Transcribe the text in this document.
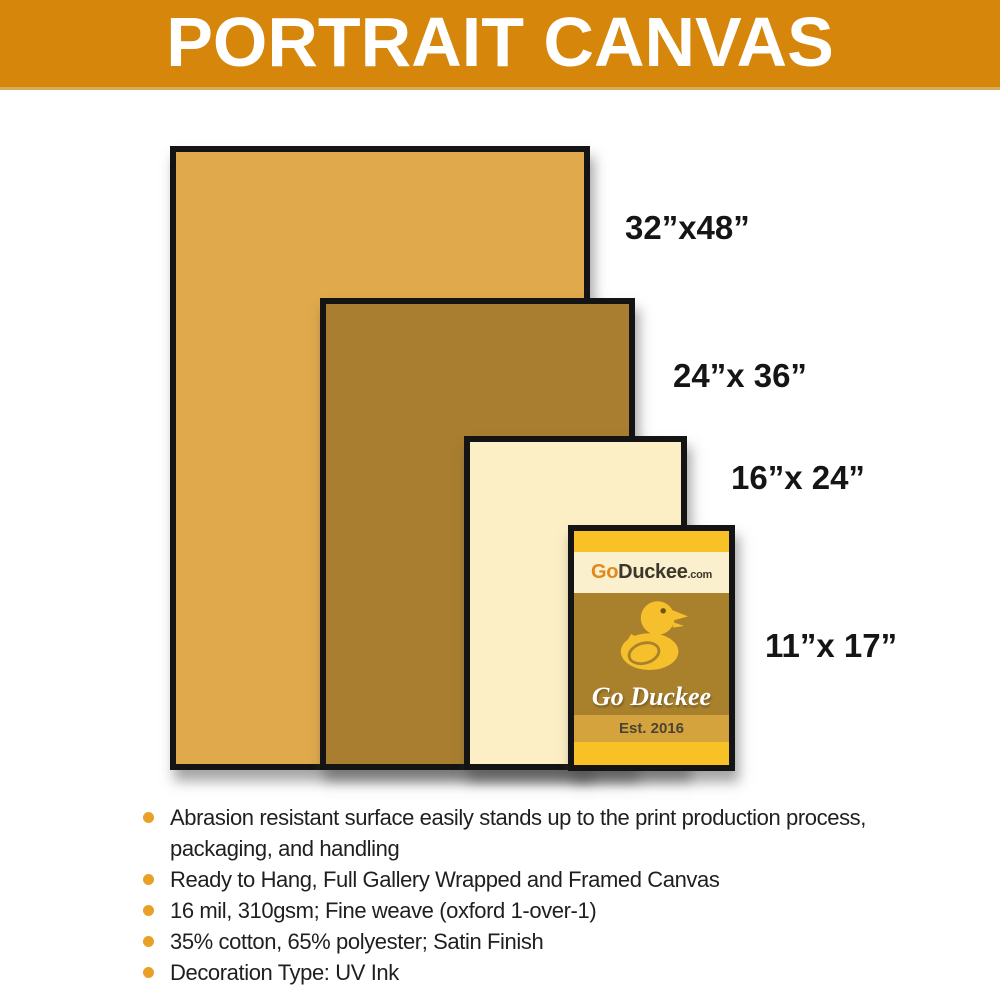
PORTRAIT CANVAS
GoDuckee.com
Go Duckee
Est. 2016
32”x48”
24”x 36”
16”x 24”
11”x 17”
Abrasion resistant surface easily stands up to the print production process, packaging, and handling
Ready to Hang, Full Gallery Wrapped and Framed Canvas
16 mil, 310gsm; Fine weave (oxford 1-over-1)
35% cotton, 65% polyester; Satin Finish
Decoration Type: UV Ink
